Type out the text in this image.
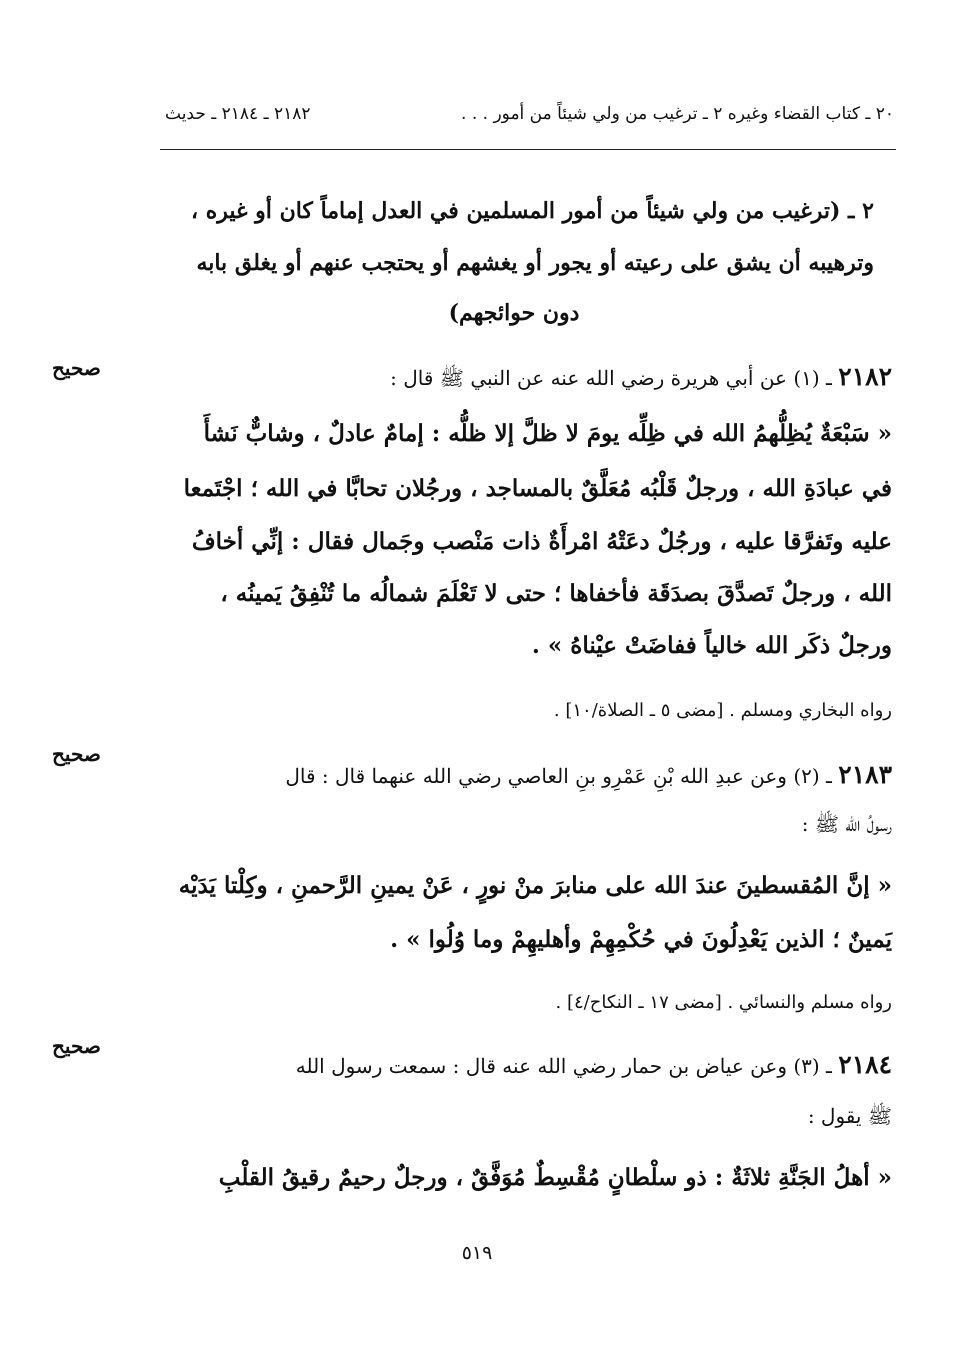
٢٠ ـ كتاب القضاء وغيره ٢ ـ ترغيب من ولي شيئاً من أمور . . .
٢١٨٢ ـ ٢١٨٤ ـ حديث
٢ ـ (ترغيب من ولي شيئاً من أمور المسلمين في العدل إماماً كان أو غيره ،
وترهيبه أن يشق على رعيته أو يجور أو يغشهم أو يحتجب عنهم أو يغلق بابه
دون حوائجهم)
صحيح	٢١٨٢ ـ (١) عن أبي هريرة رضي الله عنه عن النبي ﷺ قال :
« سَبْعَةٌ يُظِلُّهمُ الله في ظِلِّه يومَ لا ظلَّ إلا ظلُّه : إمامٌ عادلٌ ، وشابٌّ نَشأَ
في عبادَةِ الله ، ورجلٌ قَلْبُه مُعَلَّقٌ بالمساجد ، ورجُلان تحابَّا في الله ؛ اجْتَمعا
عليه وتَفرَّقا عليه ، ورجُلٌ دعَتْهُ امْرأَةٌ ذات مَنْصب وجَمال فقال : إنِّي أخافُ
الله ، ورجلٌ تَصدَّقَ بصدَقَة فأخفاها ؛ حتى لا تَعْلَمَ شمالُه ما تُنْفِقُ يَمينُه ،
ورجلٌ ذكَر الله خالياً ففاضَتْ عيْناهُ » .
رواه البخاري ومسلم . [مضى ٥ ـ الصلاة/١٠] .
صحيح
٢١٨٣ ـ (٢) وعن عبدِ الله بْنِ عَمْرِو بنِ العاصي رضي الله عنهما قال : قال
رسولُ الله ﷺ :
« إنَّ المُقسطينَ عندَ الله على منابرَ منْ نورٍ ، عَنْ يمينِ الرَّحمنِ ، وكِلْتا يَدَيْه
يَمينٌ ؛ الذين يَعْدِلُونَ في حُكْمِهِمْ وأهليهِمْ وما وُلُوا » .
رواه مسلم والنسائي . [مضى ١٧ ـ النكاح/٤] .
صحيح
٢١٨٤ ـ (٣) وعن عياض بن حمار رضي الله عنه قال : سمعت رسول الله
ﷺ يقول :
« أهلُ الجَنَّةِ ثلاثَةٌ : ذو سلْطانٍ مُقْسِطٌ مُوَفَّقٌ ، ورجلٌ رحيمٌ رقيقُ القلْبِ
٥١٩
